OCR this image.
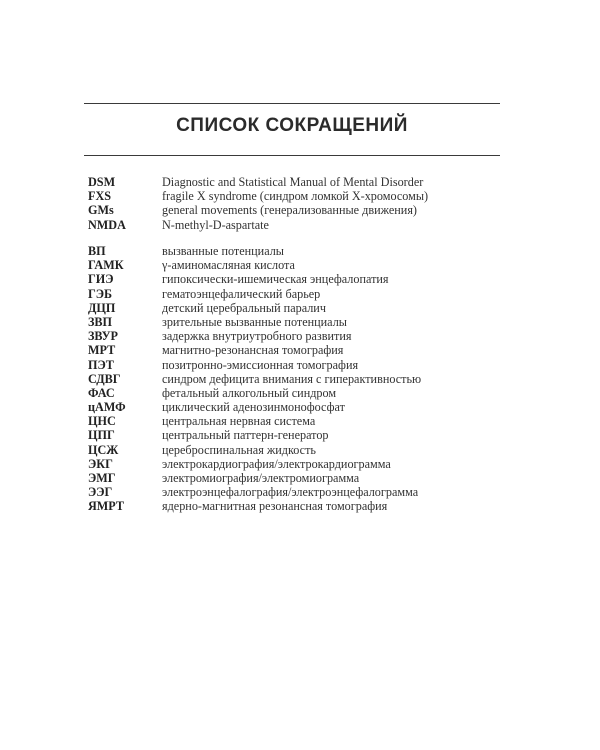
СПИСОК СОКРАЩЕНИЙ
DSM	Diagnostic and Statistical Manual of Mental Disorder
FXS	fragile X syndrome (синдром ломкой X-хромосомы)
GMs	general movements (генерализованные движения)
NMDA	N-methyl-D-aspartate
ВП	вызванные потенциалы
ГАМК	γ-аминомасляная кислота
ГИЭ	гипоксически-ишемическая энцефалопатия
ГЭБ	гематоэнцефалический барьер
ДЦП	детский церебральный паралич
ЗВП	зрительные вызванные потенциалы
ЗВУР	задержка внутриутробного развития
МРТ	магнитно-резонансная томография
ПЭТ	позитронно-эмиссионная томография
СДВГ	синдром дефицита внимания с гиперактивностью
ФАС	фетальный алкогольный синдром
цАМФ	циклический аденозинмонофосфат
ЦНС	центральная нервная система
ЦПГ	центральный паттерн-генератор
ЦСЖ	цереброспинальная жидкость
ЭКГ	электрокардиография/электрокардиограмма
ЭМГ	электромиография/электромиограмма
ЭЭГ	электроэнцефалография/электроэнцефалограмма
ЯМРТ	ядерно-магнитная резонансная томография
